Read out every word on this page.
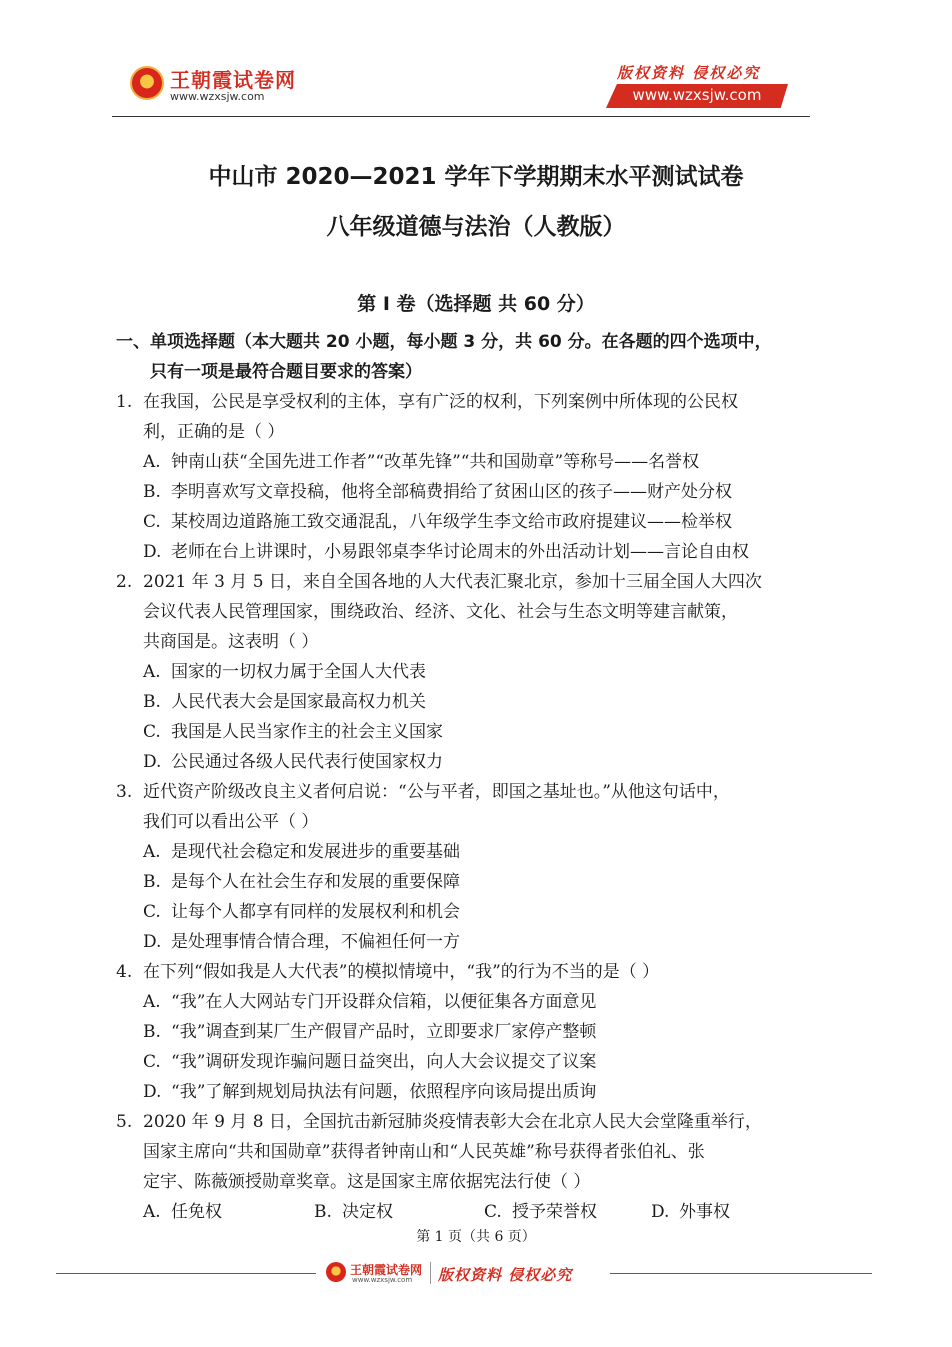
王朝霞试卷网
www.wzxsjw.com
版权资料 侵权必究
www.wzxsjw.com
中山市 2020—2021 学年下学期期末水平测试试卷
八年级道德与法治（人教版）
第 I 卷（选择题 共 60 分）
一、单项选择题（本大题共 20 小题，每小题 3 分，共 60 分。在各题的四个选项中，
只有一项是最符合题目要求的答案）
1. 在我国，公民是享受权利的主体，享有广泛的权利，下列案例中所体现的公民权
利，正确的是（ ）
A. 钟南山获“全国先进工作者”“改革先锋”“共和国勋章”等称号——名誉权
B. 李明喜欢写文章投稿，他将全部稿费捐给了贫困山区的孩子——财产处分权
C. 某校周边道路施工致交通混乱，八年级学生李文给市政府提建议——检举权
D. 老师在台上讲课时，小易跟邻桌李华讨论周末的外出活动计划——言论自由权
2. 2021 年 3 月 5 日，来自全国各地的人大代表汇聚北京，参加十三届全国人大四次
会议代表人民管理国家，围绕政治、经济、文化、社会与生态文明等建言献策，
共商国是。这表明（ ）
A. 国家的一切权力属于全国人大代表
B. 人民代表大会是国家最高权力机关
C. 我国是人民当家作主的社会主义国家
D. 公民通过各级人民代表行使国家权力
3. 近代资产阶级改良主义者何启说：“公与平者，即国之基址也。”从他这句话中，
我们可以看出公平（ ）
A. 是现代社会稳定和发展进步的重要基础
B. 是每个人在社会生存和发展的重要保障
C. 让每个人都享有同样的发展权利和机会
D. 是处理事情合情合理，不偏袒任何一方
4. 在下列“假如我是人大代表”的模拟情境中，“我”的行为不当的是（ ）
A. “我”在人大网站专门开设群众信箱，以便征集各方面意见
B. “我”调查到某厂生产假冒产品时，立即要求厂家停产整顿
C. “我”调研发现诈骗问题日益突出，向人大会议提交了议案
D. “我”了解到规划局执法有问题，依照程序向该局提出质询
5. 2020 年 9 月 8 日，全国抗击新冠肺炎疫情表彰大会在北京人民大会堂隆重举行，
国家主席向“共和国勋章”获得者钟南山和“人民英雄”称号获得者张伯礼、张
定宇、陈薇颁授勋章奖章。这是国家主席依据宪法行使（ ）
A. 任免权	B. 决定权	C. 授予荣誉权	D. 外事权
第 1 页（共 6 页）
王朝霞试卷网
www.wzxsjw.com 版权资料 侵权必究
